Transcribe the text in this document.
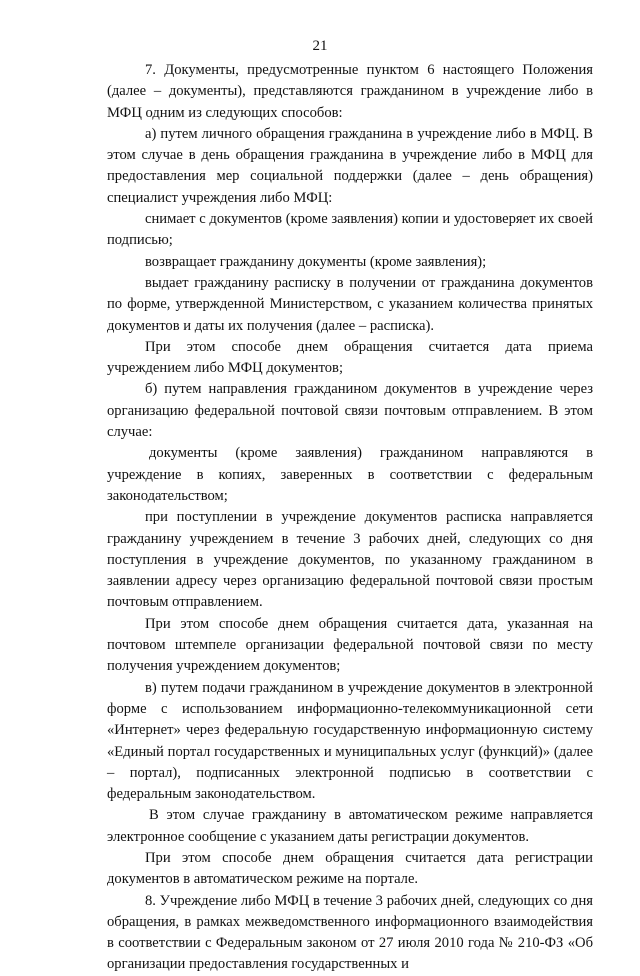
21

7. Документы, предусмотренные пунктом 6 настоящего Положения (далее – документы), представляются гражданином в учреждение либо в МФЦ одним из следующих способов:

а) путем личного обращения гражданина в учреждение либо в МФЦ. В этом случае в день обращения гражданина в учреждение либо в МФЦ для предоставления мер социальной поддержки (далее – день обращения) специалист учреждения либо МФЦ:

снимает с документов (кроме заявления) копии и удостоверяет их своей подписью;

возвращает гражданину документы (кроме заявления);

выдает гражданину расписку в получении от гражданина документов по форме, утвержденной Министерством, с указанием количества принятых документов и даты их получения (далее – расписка).

При этом способе днем обращения считается дата приема учреждением либо МФЦ документов;

б) путем направления гражданином документов в учреждение через организацию федеральной почтовой связи почтовым отправлением. В этом случае:

документы (кроме заявления) гражданином направляются в учреждение в копиях, заверенных в соответствии с федеральным законодательством;

при поступлении в учреждение документов расписка направляется гражданину учреждением в течение 3 рабочих дней, следующих со дня поступления в учреждение документов, по указанному гражданином в заявлении адресу через организацию федеральной почтовой связи простым почтовым отправлением.

При этом способе днем обращения считается дата, указанная на почтовом штемпеле организации федеральной почтовой связи по месту получения учреждением документов;

в) путем подачи гражданином в учреждение документов в электронной форме с использованием информационно-телекоммуникационной сети «Интернет» через федеральную государственную информационную систему «Единый портал государственных и муниципальных услуг (функций)» (далее – портал), подписанных электронной подписью в соответствии с федеральным законодательством.

В этом случае гражданину в автоматическом режиме направляется электронное сообщение с указанием даты регистрации документов.

При этом способе днем обращения считается дата регистрации документов в автоматическом режиме на портале.

8. Учреждение либо МФЦ в течение 3 рабочих дней, следующих со дня обращения, в рамках межведомственного информационного взаимодействия в соответствии с Федеральным законом от 27 июля 2010 года № 210-ФЗ «Об организации предоставления государственных и
